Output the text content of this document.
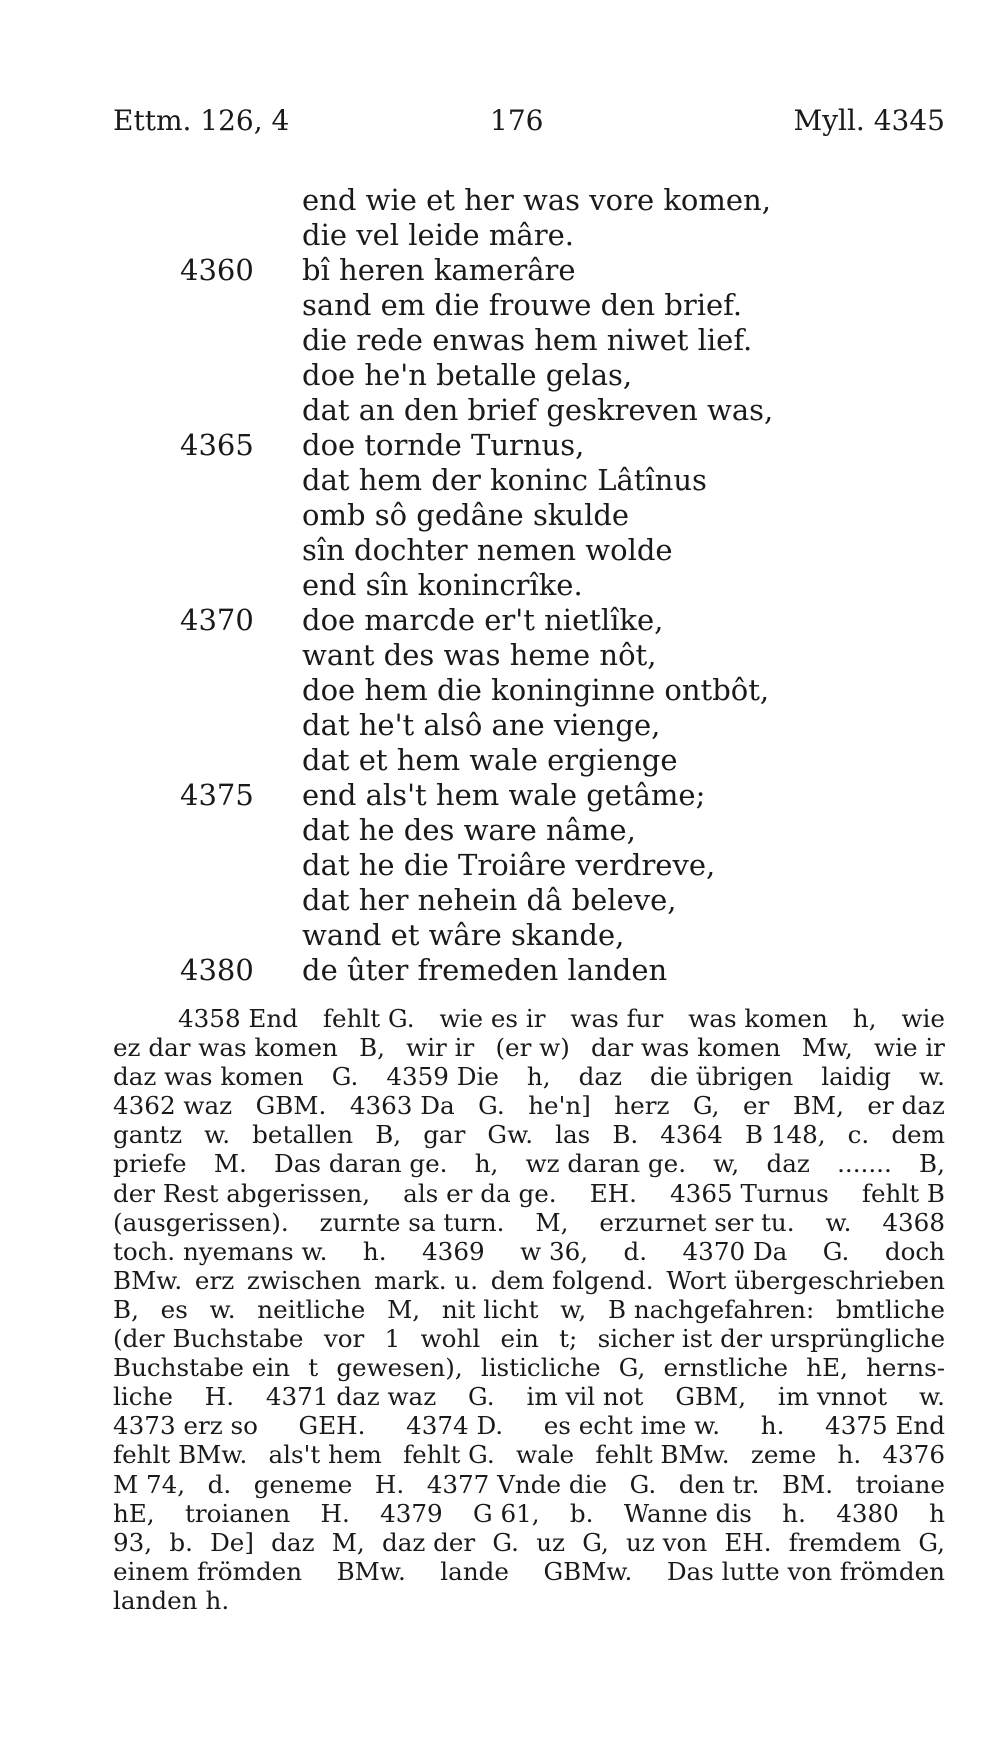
Ettm. 126, 4	176	Myll. 4345
end wie et her was vore komen,
die vel leide mâre.
4360	bî heren kamerâre
sand em die frouwe den brief.
die rede enwas hem niwet lief.
doe he'n betalle gelas,
dat an den brief geskreven was,
4365	doe tornde Turnus,
dat hem der koninc Lâtînus
omb sô gedâne skulde
sîn dochter nemen wolde
end sîn konincrîke.
4370	doe marcde er't nietlîke,
want des was heme nôt,
doe hem die koninginne ontbôt,
dat he't alsô ane vienge,
dat et hem wale ergienge
4375	end als't hem wale getâme;
dat he des ware nâme,
dat he die Troiâre verdreve,
dat her nehein dâ beleve,
wand et wâre skande,
4380	de ûter fremeden landen
4358 End fehlt G. wie es ir was fur was komen h, wie
ez dar was komen B, wir ir (er w) dar was komen Mw, wie ir
daz was komen G. 4359 Die h, daz die übrigen laidig w.
4362 waz GBM. 4363 Da G. he'n] herz G, er BM, er daz
gantz w. betallen B, gar Gw. las B. 4364 B 148, c. dem
priefe M. Das daran ge. h, wz daran ge. w, daz ....... B,
der Rest abgerissen, als er da ge. EH. 4365 Turnus fehlt B
(ausgerissen). zurnte sa turn. M, erzurnet ser tu. w. 4368
toch. nyemans w. h. 4369 w 36, d. 4370 Da G. doch
BMw. erz zwischen mark. u. dem folgend. Wort übergeschrieben
B, es w. neitliche M, nit licht w, B nachgefahren: bmtliche
(der Buchstabe vor 1 wohl ein t; sicher ist der ursprüngliche
Buchstabe ein t gewesen), listicliche G, ernstliche hE, herns-
liche H. 4371 daz waz G. im vil not GBM, im vnnot w.
4373 erz so GEH. 4374 D. es echt ime w. h. 4375 End
fehlt BMw. als't hem fehlt G. wale fehlt BMw. zeme h. 4376
M 74, d. geneme H. 4377 Vnde die G. den tr. BM. troiane
hE, troianen H. 4379 G 61, b. Wanne dis h. 4380 h
93, b. De] daz M, daz der G. uz G, uz von EH. fremdem G,
einem frömden BMw. lande GBMw. Das lutte von frömden
landen h.
